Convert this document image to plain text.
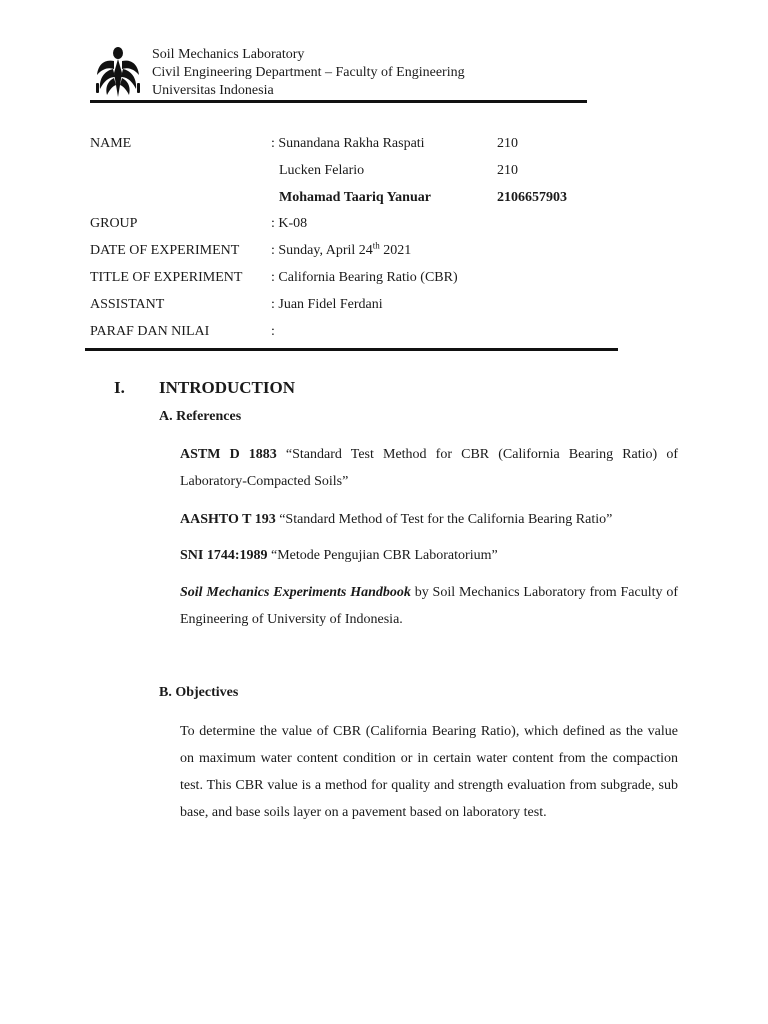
Soil Mechanics Laboratory
Civil Engineering Department – Faculty of Engineering
Universitas Indonesia
NAME	: Sunandana Rakha Raspati	210
Lucken Felario	210
Mohamad Taariq Yanuar	2106657903
GROUP	: K-08
DATE OF EXPERIMENT : Sunday, April 24th 2021
TITLE OF EXPERIMENT : California Bearing Ratio (CBR)
ASSISTANT	: Juan Fidel Ferdani
PARAF DAN NILAI	:
I. INTRODUCTION
A. References
ASTM D 1883 “Standard Test Method for CBR (California Bearing Ratio) of Laboratory-Compacted Soils”
AASHTO T 193 “Standard Method of Test for the California Bearing Ratio”
SNI 1744:1989 “Metode Pengujian CBR Laboratorium”
Soil Mechanics Experiments Handbook by Soil Mechanics Laboratory from Faculty of Engineering of University of Indonesia.
B. Objectives
To determine the value of CBR (California Bearing Ratio), which defined as the value on maximum water content condition or in certain water content from the compaction test. This CBR value is a method for quality and strength evaluation from subgrade, sub base, and base soils layer on a pavement based on laboratory test.
